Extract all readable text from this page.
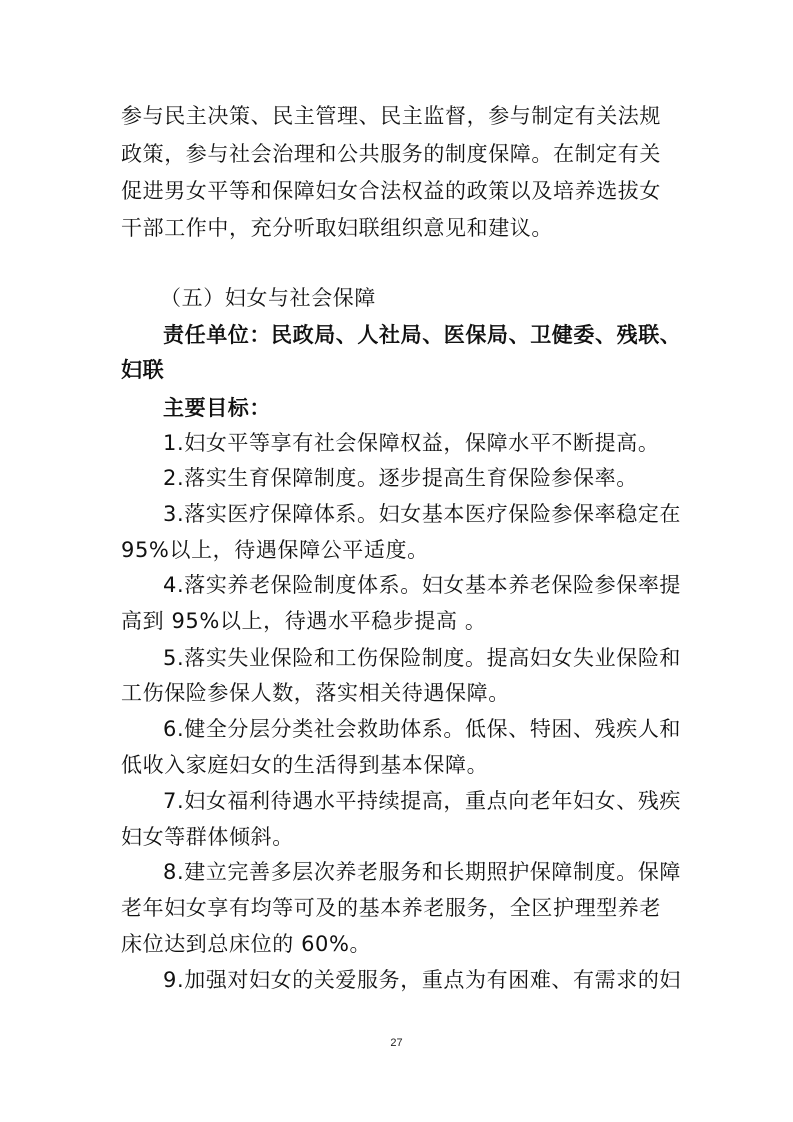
参与民主决策、民主管理、民主监督，参与制定有关法规
政策，参与社会治理和公共服务的制度保障。在制定有关
促进男女平等和保障妇女合法权益的政策以及培养选拔女
干部工作中，充分听取妇联组织意见和建议。
（五）妇女与社会保障
责任单位：民政局、人社局、医保局、卫健委、残联、
妇联
主要目标：
1.妇女平等享有社会保障权益，保障水平不断提高。
2.落实生育保障制度。逐步提高生育保险参保率。
3.落实医疗保障体系。妇女基本医疗保险参保率稳定在
95%以上，待遇保障公平适度。
4.落实养老保险制度体系。妇女基本养老保险参保率提
高到 95%以上，待遇水平稳步提高 。
5.落实失业保险和工伤保险制度。提高妇女失业保险和
工伤保险参保人数，落实相关待遇保障。
6.健全分层分类社会救助体系。低保、特困、残疾人和
低收入家庭妇女的生活得到基本保障。
7.妇女福利待遇水平持续提高，重点向老年妇女、残疾
妇女等群体倾斜。
8.建立完善多层次养老服务和长期照护保障制度。保障
老年妇女享有均等可及的基本养老服务，全区护理型养老
床位达到总床位的 60%。
9.加强对妇女的关爱服务，重点为有困难、有需求的妇
27
